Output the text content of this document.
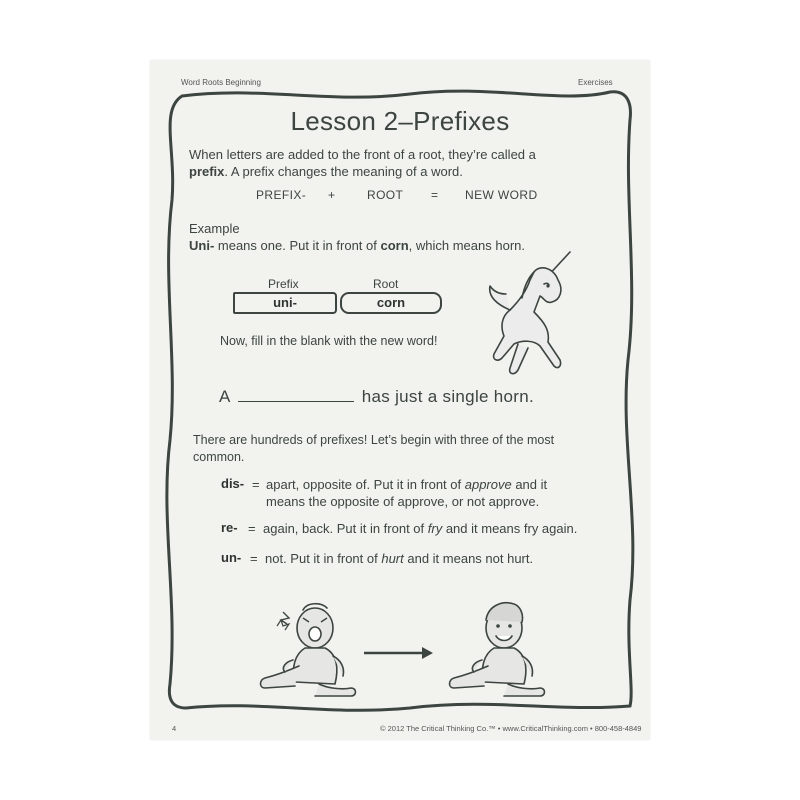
Word Roots Beginning	Exercises
Lesson 2–Prefixes
When letters are added to the front of a root, they’re called a
prefix. A prefix changes the meaning of a word.
PREFIX- +	ROOT = NEW WORD
Example
Uni- means one. Put it in front of corn, which means horn.
Prefix	Root
uni-	corn
Now, fill in the blank with the new word!
A	has just a single horn.
There are hundreds of prefixes! Let’s begin with three of the most
common.
dis- = apart, opposite of. Put it in front of approve and it
means the opposite of approve, or not approve.
re- = again, back. Put it in front of fry and it means fry again.
un- = not. Put it in front of hurt and it means not hurt.
4	© 2012 The Critical Thinking Co.™ • www.CriticalThinking.com • 800-458-4849
